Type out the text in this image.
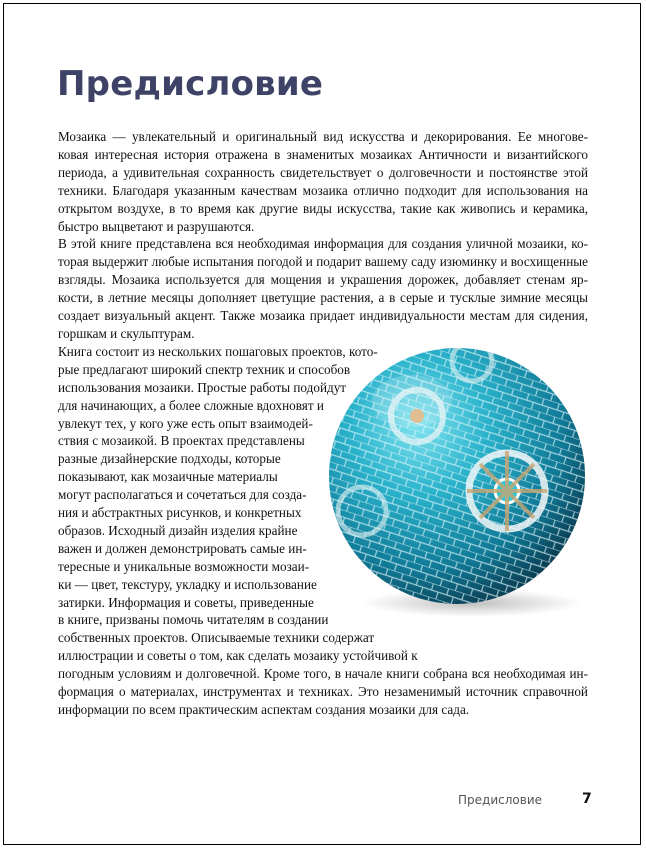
Предисловие
Мозаика — увлекательный и оригинальный вид искусства и декорирования. Ее многове-
ковая интересная история отражена в знаменитых мозаиках Античности и византийского
периода, а удивительная сохранность свидетельствует о долговечности и постоянстве этой
техники. Благодаря указанным качествам мозаика отлично подходит для использования на
открытом воздухе, в то время как другие виды искусства, такие как живопись и керамика,
быстро выцветают и разрушаются.
В этой книге представлена вся необходимая информация для создания уличной мозаики, ко-
торая выдержит любые испытания погодой и подарит вашему саду изюминку и восхищенные
взгляды. Мозаика используется для мощения и украшения дорожек, добавляет стенам яр-
кости, в летние месяцы дополняет цветущие растения, а в серые и тусклые зимние месяцы
создает визуальный акцент. Также мозаика придает индивидуальности местам для сидения,
горшкам и скульптурам.
Книга состоит из нескольких пошаговых проектов, кото-
рые предлагают широкий спектр техник и способов
использования мозаики. Простые работы подойдут
для начинающих, а более сложные вдохновят и
увлекут тех, у кого уже есть опыт взаимодей-
ствия с мозаикой. В проектах представлены
разные дизайнерские подходы, которые
показывают, как мозаичные материалы
могут располагаться и сочетаться для созда-
ния и абстрактных рисунков, и конкретных
образов. Исходный дизайн изделия крайне
важен и должен демонстрировать самые ин-
тересные и уникальные возможности мозаи-
ки — цвет, текстуру, укладку и использование
затирки. Информация и советы, приведенные
в книге, призваны помочь читателям в создании
собственных проектов. Описываемые техники содержат
иллюстрации и советы о том, как сделать мозаику устойчивой к
погодным условиям и долговечной. Кроме того, в начале книги собрана вся необходимая ин-
формация о материалах, инструментах и техниках. Это незаменимый источник справочной
информации по всем практическим аспектам создания мозаики для сада.
Предисловие	7
